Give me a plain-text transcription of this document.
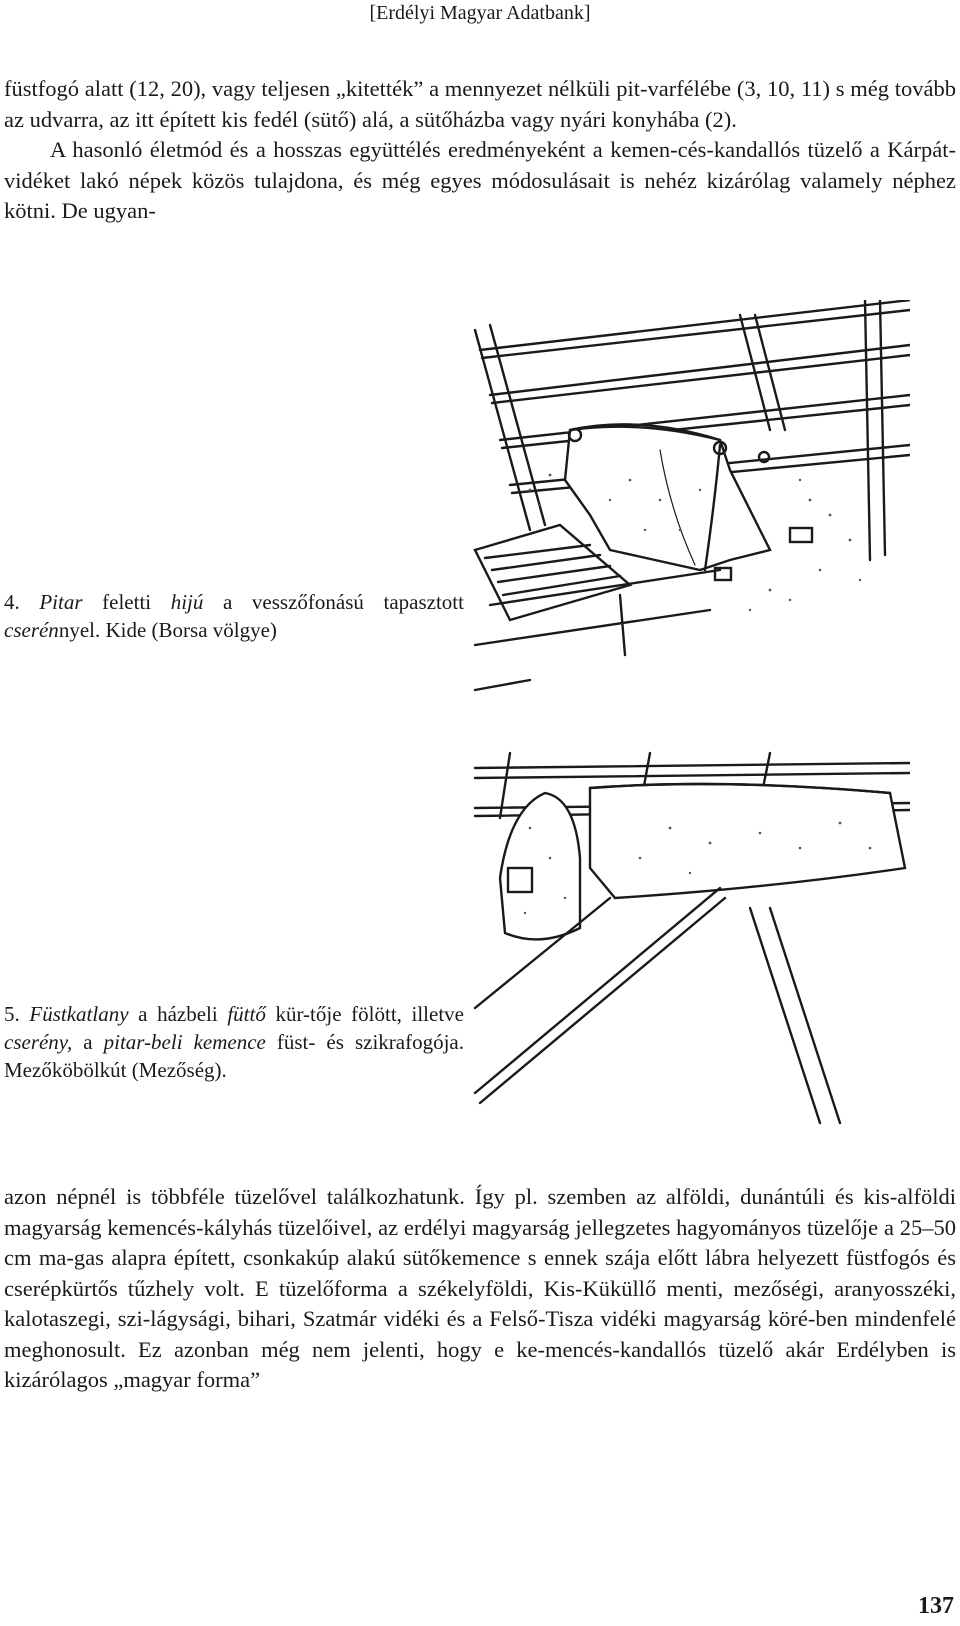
[Erdélyi Magyar Adatbank]

füstfogó alatt (12, 20), vagy teljesen „kitették” a mennyezet nélküli pit-varfélébe (3, 10, 11) s még tovább az udvarra, az itt épített kis fedél (sütő) alá, a sütőházba vagy nyári konyhába (2).

A hasonló életmód és a hosszas együttélés eredményeként a kemen-cés-kandallós tüzelő a Kárpát-vidéket lakó népek közös tulajdona, és még egyes módosulásait is nehéz kizárólag valamely néphez kötni. De ugyan-

4. Pitar feletti hijú a vesszőfonású tapasztott cserénnyel. Kide (Borsa völgye)
5. Füstkatlany a házbeli füttő kür-tője fölött, illetve cserény, a pitar-beli kemence füst- és szikrafogója. Mezőköbölkút (Mezőség).
azon népnél is többféle tüzelővel találkozhatunk. Így pl. szemben az alföldi, dunántúli és kis-alföldi magyarság kemencés-kályhás tüzelőivel, az erdélyi magyarság jellegzetes hagyományos tüzelője a 25–50 cm ma-gas alapra épített, csonkakúp alakú sütőkemence s ennek szája előtt lábra helyezett füstfogós és cserépkürtős tűzhely volt. E tüzelőforma a székelyföldi, Kis-Küküllő menti, mezőségi, aranyosszéki, kalotaszegi, szi-lágysági, bihari, Szatmár vidéki és a Felső-Tisza vidéki magyarság köré-ben mindenfelé meghonosult. Ez azonban még nem jelenti, hogy e ke-mencés-kandallós tüzelő akár Erdélyben is kizárólagos „magyar forma”
137
